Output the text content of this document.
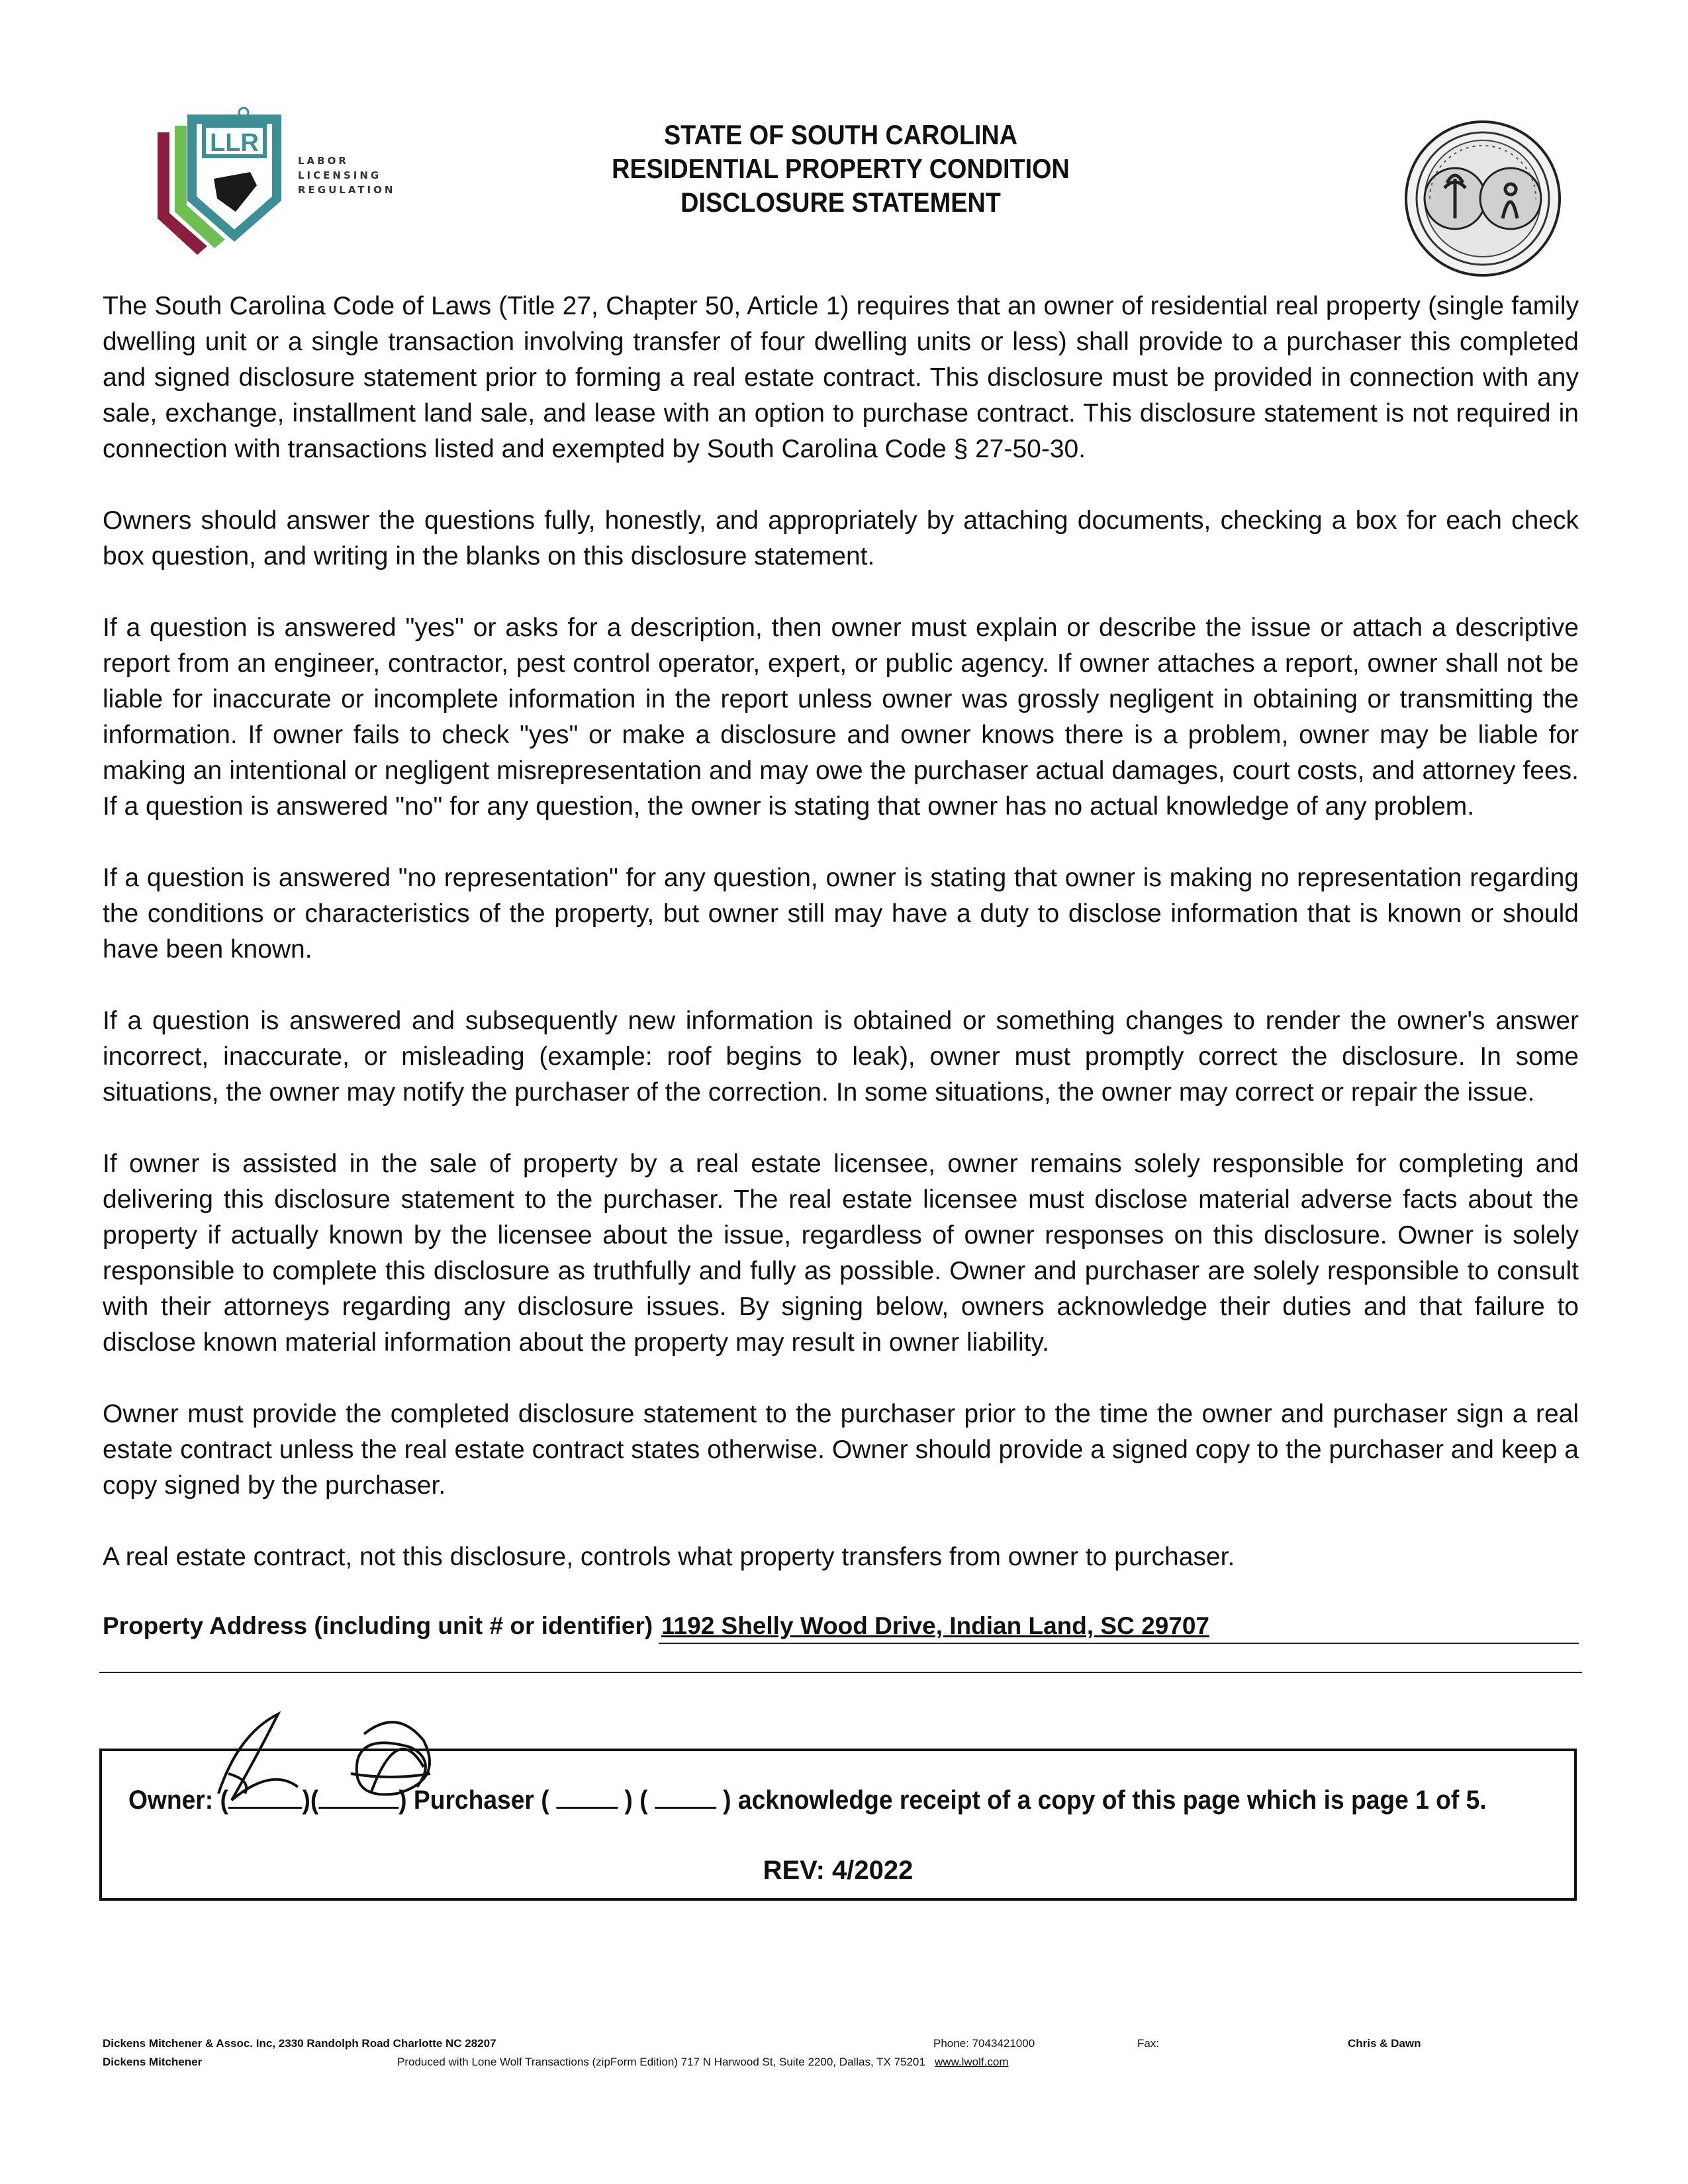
LLR
LABOR
LICENSING
REGULATION
STATE OF SOUTH CAROLINA
RESIDENTIAL PROPERTY CONDITION
DISCLOSURE STATEMENT

The South Carolina Code of Laws (Title 27, Chapter 50, Article 1) requires that an owner of residential real property (single family dwelling unit or a single transaction involving transfer of four dwelling units or less) shall provide to a purchaser this completed and signed disclosure statement prior to forming a real estate contract. This disclosure must be provided in connection with any sale, exchange, installment land sale, and lease with an option to purchase contract. This disclosure statement is not required in connection with transactions listed and exempted by South Carolina Code § 27-50-30.

Owners should answer the questions fully, honestly, and appropriately by attaching documents, checking a box for each check box question, and writing in the blanks on this disclosure statement.

If a question is answered "yes" or asks for a description, then owner must explain or describe the issue or attach a descriptive report from an engineer, contractor, pest control operator, expert, or public agency. If owner attaches a report, owner shall not be liable for inaccurate or incomplete information in the report unless owner was grossly negligent in obtaining or transmitting the information. If owner fails to check "yes" or make a disclosure and owner knows there is a problem, owner may be liable for making an intentional or negligent misrepresentation and may owe the purchaser actual damages, court costs, and attorney fees. If a question is answered "no" for any question, the owner is stating that owner has no actual knowledge of any problem.

If a question is answered "no representation" for any question, owner is stating that owner is making no representation regarding the conditions or characteristics of the property, but owner still may have a duty to disclose information that is known or should have been known.

If a question is answered and subsequently new information is obtained or something changes to render the owner's answer incorrect, inaccurate, or misleading (example: roof begins to leak), owner must promptly correct the disclosure. In some situations, the owner may notify the purchaser of the correction. In some situations, the owner may correct or repair the issue.

If owner is assisted in the sale of property by a real estate licensee, owner remains solely responsible for completing and delivering this disclosure statement to the purchaser. The real estate licensee must disclose material adverse facts about the property if actually known by the licensee about the issue, regardless of owner responses on this disclosure. Owner is solely responsible to complete this disclosure as truthfully and fully as possible. Owner and purchaser are solely responsible to consult with their attorneys regarding any disclosure issues. By signing below, owners acknowledge their duties and that failure to disclose known material information about the property may result in owner liability.

Owner must provide the completed disclosure statement to the purchaser prior to the time the owner and purchaser sign a real estate contract unless the real estate contract states otherwise. Owner should provide a signed copy to the purchaser and keep a copy signed by the purchaser.

A real estate contract, not this disclosure, controls what property transfers from owner to purchaser.

Property Address (including unit # or identifier) 1192 Shelly Wood Drive, Indian Land, SC 29707
Owner: (	)(	) Purchaser (	) (	) acknowledge receipt of a copy of this page which is page 1 of 5.
REV: 4/2022
Dickens Mitchener & Assoc. Inc, 2330 Randolph Road Charlotte NC 28207
Dickens Mitchener
Phone: 7043421000	Fax:	Chris & Dawn
Produced with Lone Wolf Transactions (zipForm Edition) 717 N Harwood St, Suite 2200, Dallas, TX 75201 www.lwolf.com
